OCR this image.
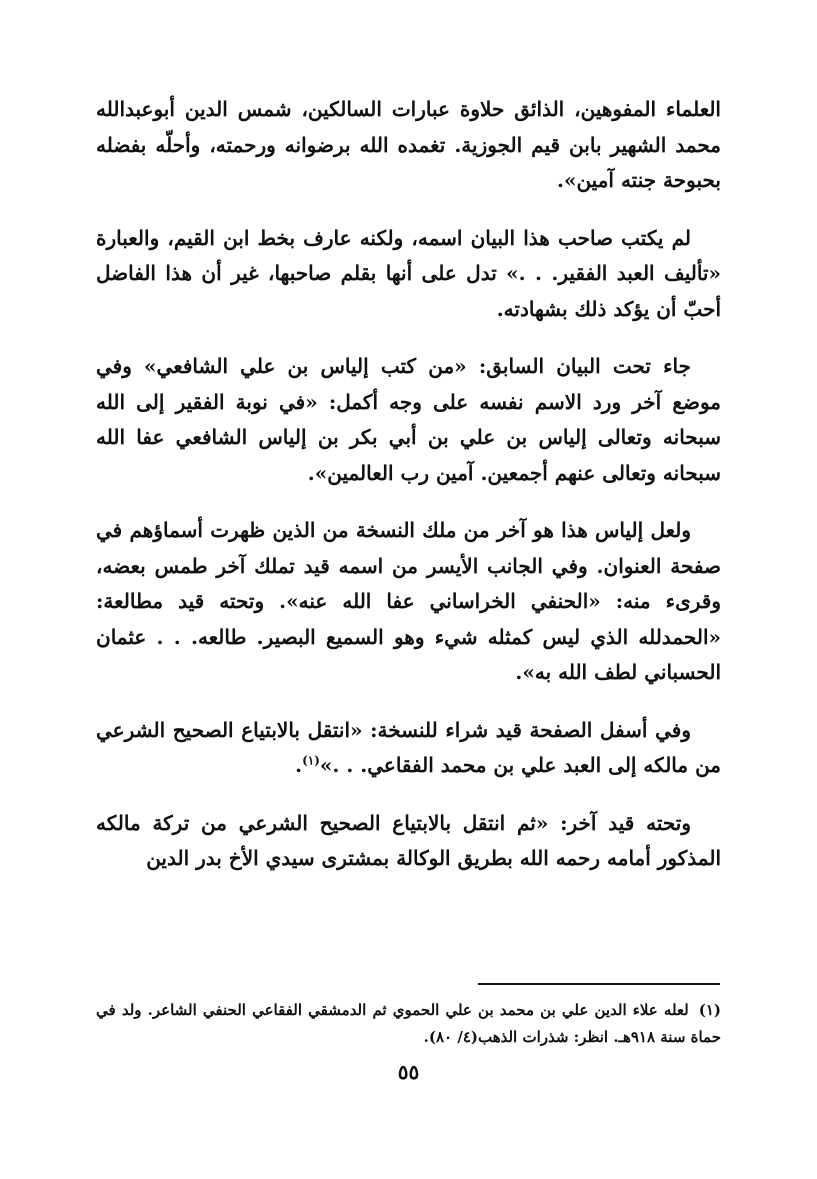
العلماء المفوهين، الذائق حلاوة عبارات السالكين، شمس الدين أبوعبدالله محمد الشهير بابن قيم الجوزية. تغمده الله برضوانه ورحمته، وأحلّه بفضله بحبوحة جنته آمين».

لم يكتب صاحب هذا البيان اسمه، ولكنه عارف بخط ابن القيم، والعبارة «تأليف العبد الفقير. . .» تدل على أنها بقلم صاحبها، غير أن هذا الفاضل أحبّ أن يؤكد ذلك بشهادته.

جاء تحت البيان السابق: «من كتب إلياس بن علي الشافعي» وفي موضع آخر ورد الاسم نفسه على وجه أكمل: «في نوبة الفقير إلى الله سبحانه وتعالى إلياس بن علي بن أبي بكر بن إلياس الشافعي عفا الله سبحانه وتعالى عنهم أجمعين. آمين رب العالمين».

ولعل إلياس هذا هو آخر من ملك النسخة من الذين ظهرت أسماؤهم في صفحة العنوان. وفي الجانب الأيسر من اسمه قيد تملك آخر طمس بعضه، وقرىء منه: «الحنفي الخراساني عفا الله عنه». وتحته قيد مطالعة: «الحمدلله الذي ليس كمثله شيء وهو السميع البصير. طالعه. . . عثمان الحسباني لطف الله به».

وفي أسفل الصفحة قيد شراء للنسخة: «انتقل بالابتياع الصحيح الشرعي من مالكه إلى العبد علي بن محمد الفقاعي. . .»$^{(١)}$.

وتحته قيد آخر: «ثم انتقل بالابتياع الصحيح الشرعي من تركة مالكه المذكور أمامه رحمه الله بطريق الوكالة بمشترى سيدي الأخ بدر الدين

(١)لعله علاء الدين علي بن محمد بن علي الحموي ثم الدمشقي الفقاعي الحنفي الشاعر. ولد في حماة سنة ٩١٨هـ. انظر: شذرات الذهب(٤/ ٨٠).
٥٥
